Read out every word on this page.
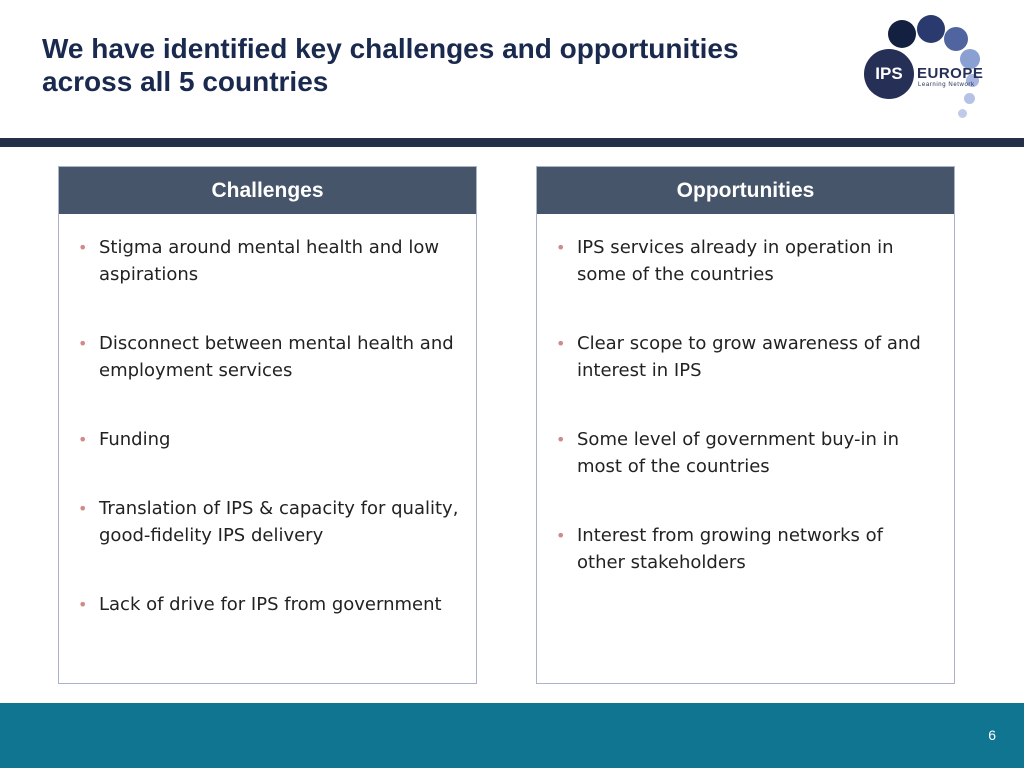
We have identified key challenges and opportunities
across all 5 countries	IPS EUROPE
Learning Network
Challenges
• Stigma around mental health and low aspirations
• Disconnect between mental health and employment services
• Funding
• Translation of IPS & capacity for quality, good-fidelity IPS delivery
• Lack of drive for IPS from government
Opportunities
• IPS services already in operation in some of the countries
• Clear scope to grow awareness of and interest in IPS
• Some level of government buy-in in most of the countries
• Interest from growing networks of other stakeholders
6
